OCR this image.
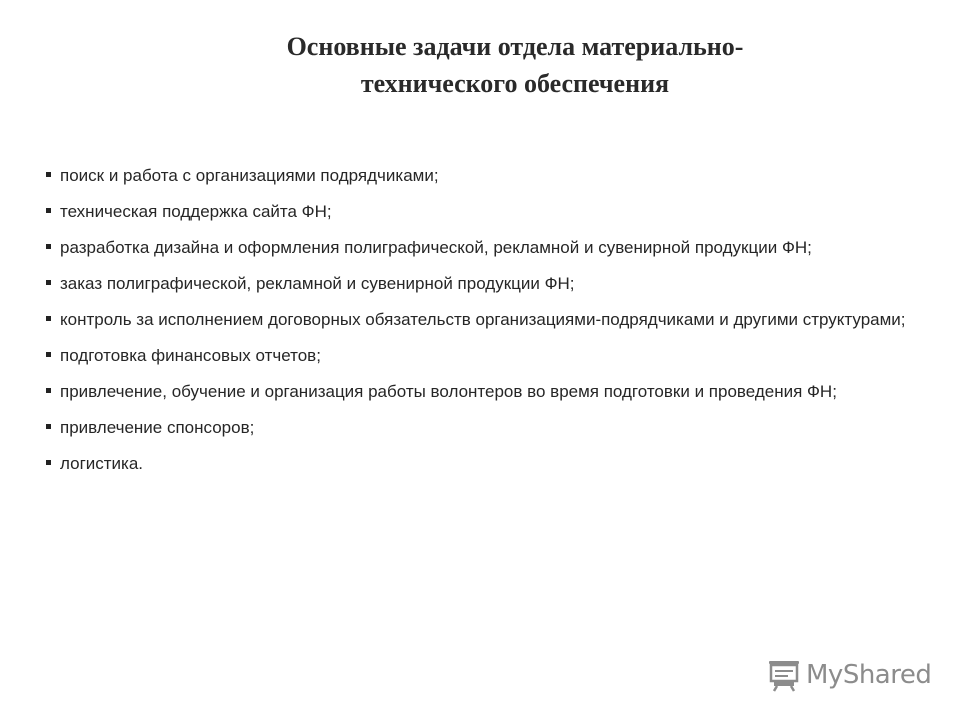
Основные задачи отдела материально-
технического обеспечения
поиск и работа с организациями подрядчиками;
техническая поддержка сайта ФН;
разработка дизайна и оформления полиграфической, рекламной и сувенирной продукции ФН;
заказ полиграфической, рекламной и сувенирной продукции ФН;
контроль за исполнением договорных обязательств организациями-подрядчиками и другими структурами;
подготовка финансовых отчетов;
привлечение, обучение и организация работы волонтеров во время подготовки и проведения ФН;
привлечение спонсоров;
логистика.
MyShared
